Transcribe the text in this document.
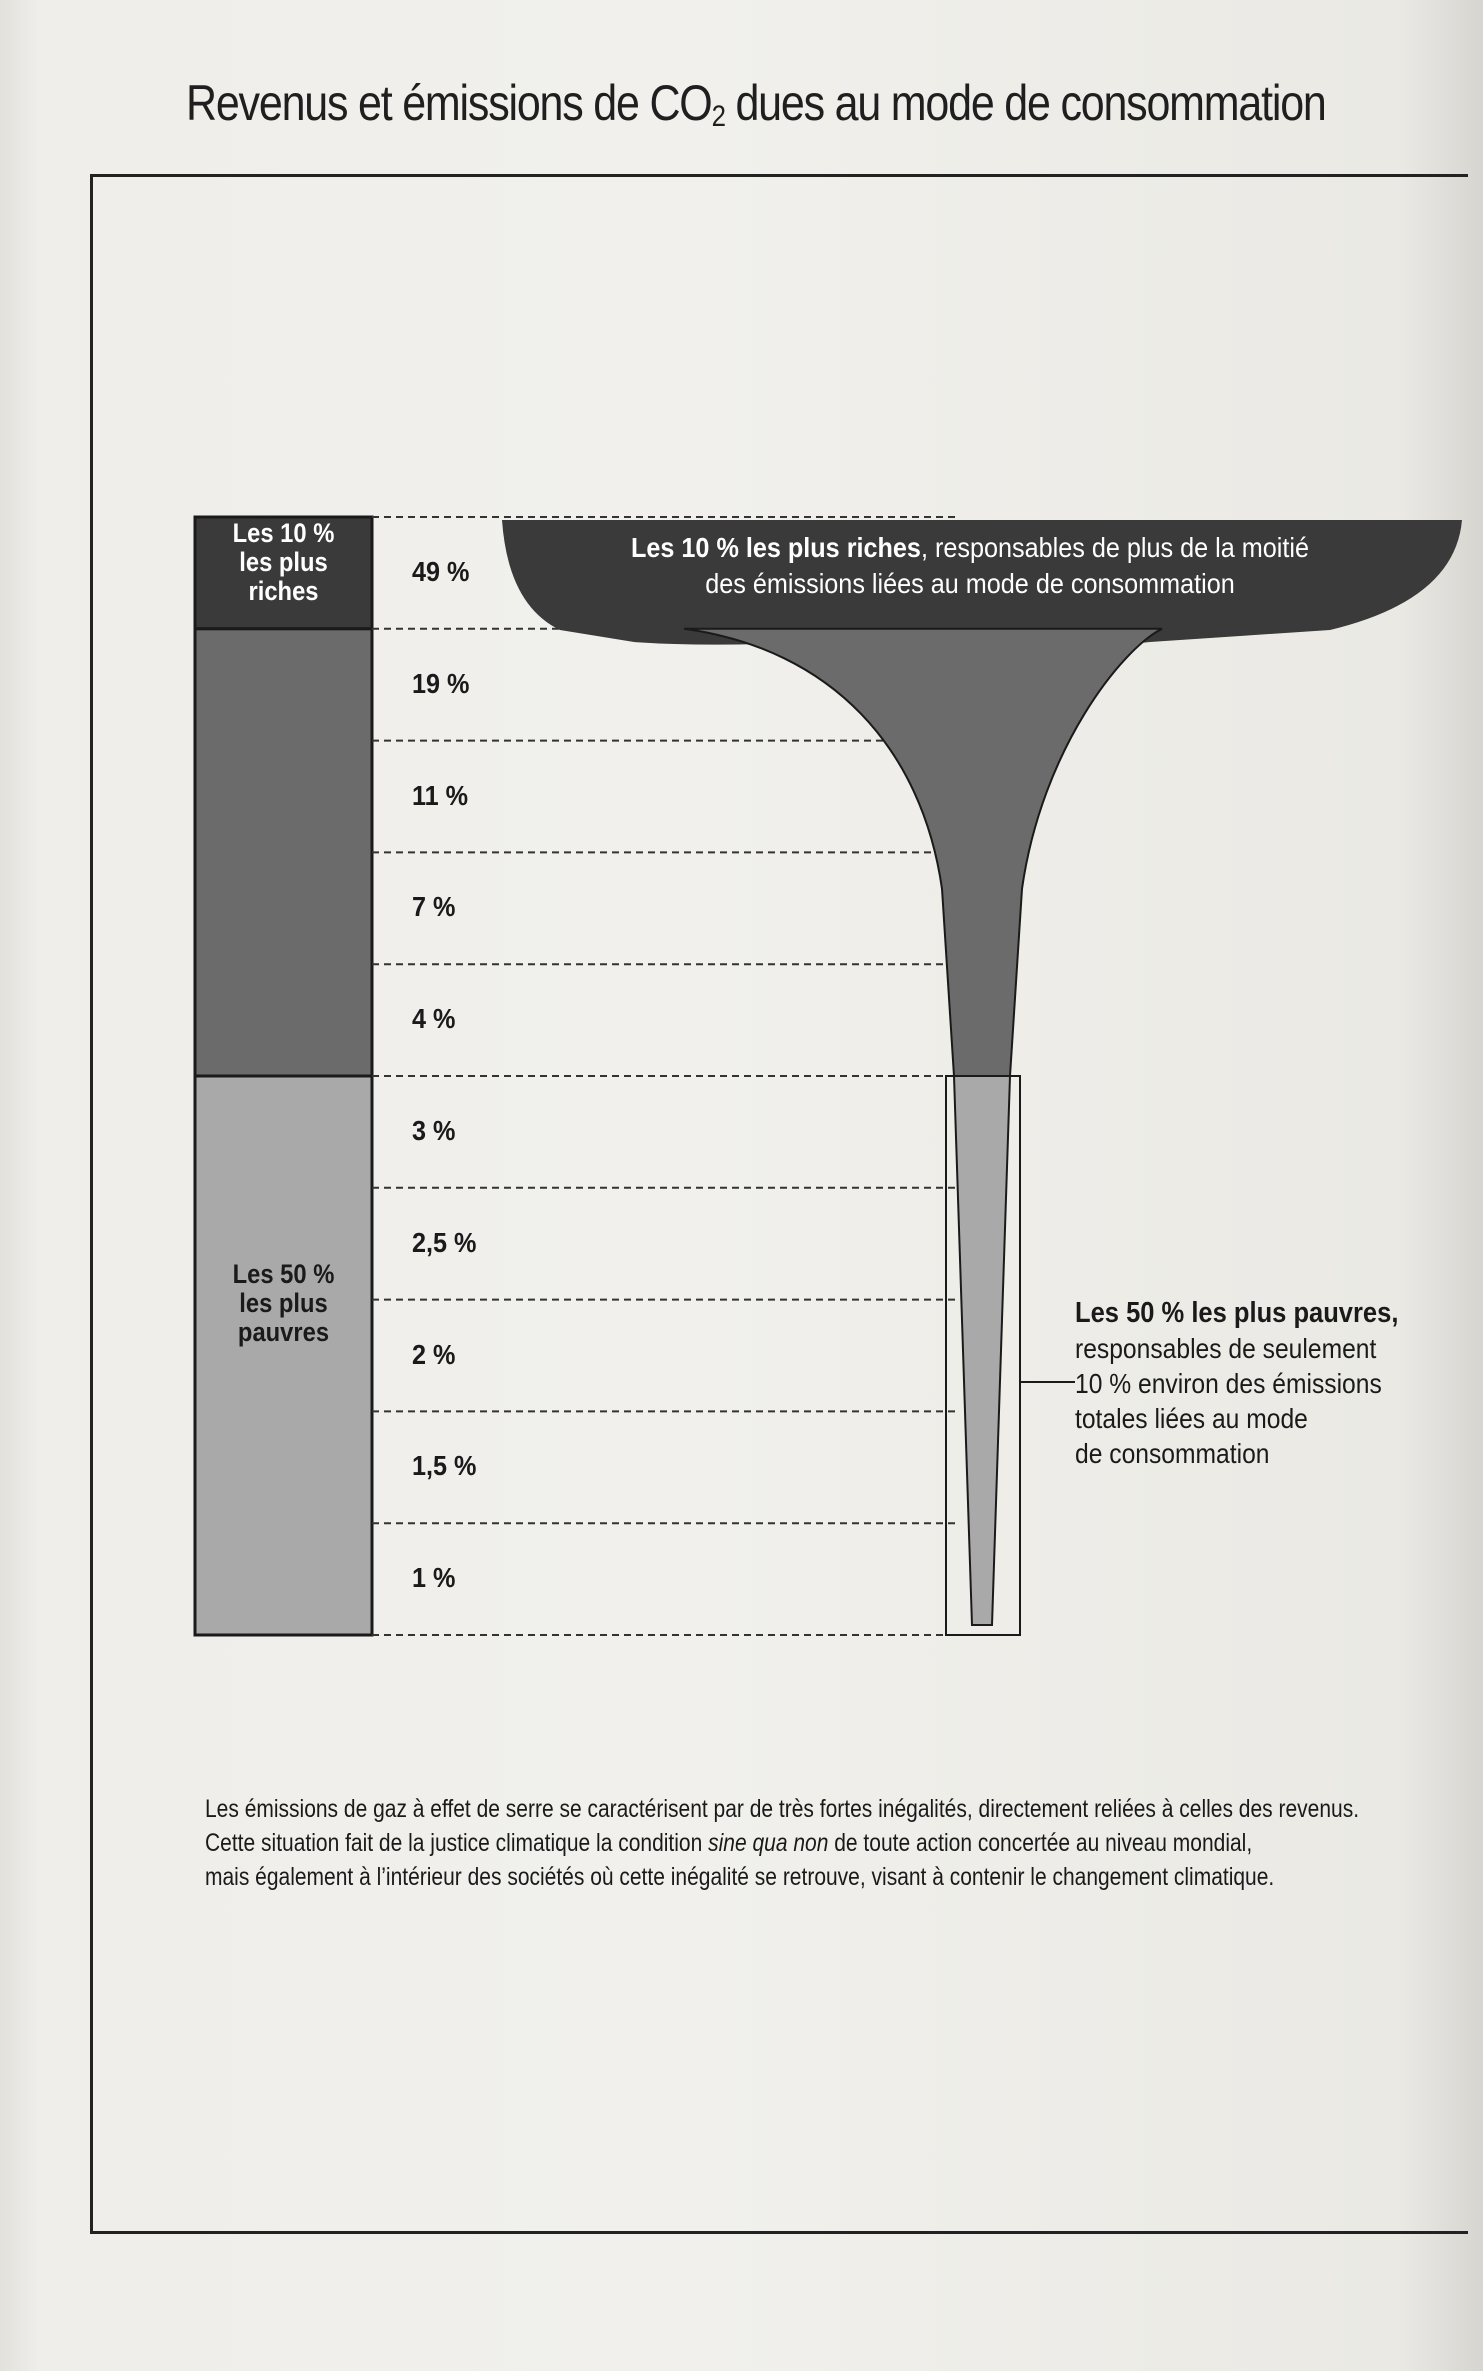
Revenus et émissions de $CO_2$ dues au mode de consommation
49 %
19 %
11 %
7 %
4 %
3 %
2,5 %
2 %
1,5 %
1 %
Les 10 %
les plus
riches
Les 50 %
les plus
pauvres
Les 10 % les plus riches, responsables de plus de la moitié
des émissions liées au mode de consommation
Les 50 % les plus pauvres,
responsables de seulement
10 % environ des émissions
totales liées au mode
de consommation
Les émissions de gaz à effet de serre se caractérisent par de très fortes inégalités, directement reliées à celles des revenus.
Cette situation fait de la justice climatique la condition sine qua non de toute action concertée au niveau mondial,
mais également à l’intérieur des sociétés où cette inégalité se retrouve, visant à contenir le changement climatique.
